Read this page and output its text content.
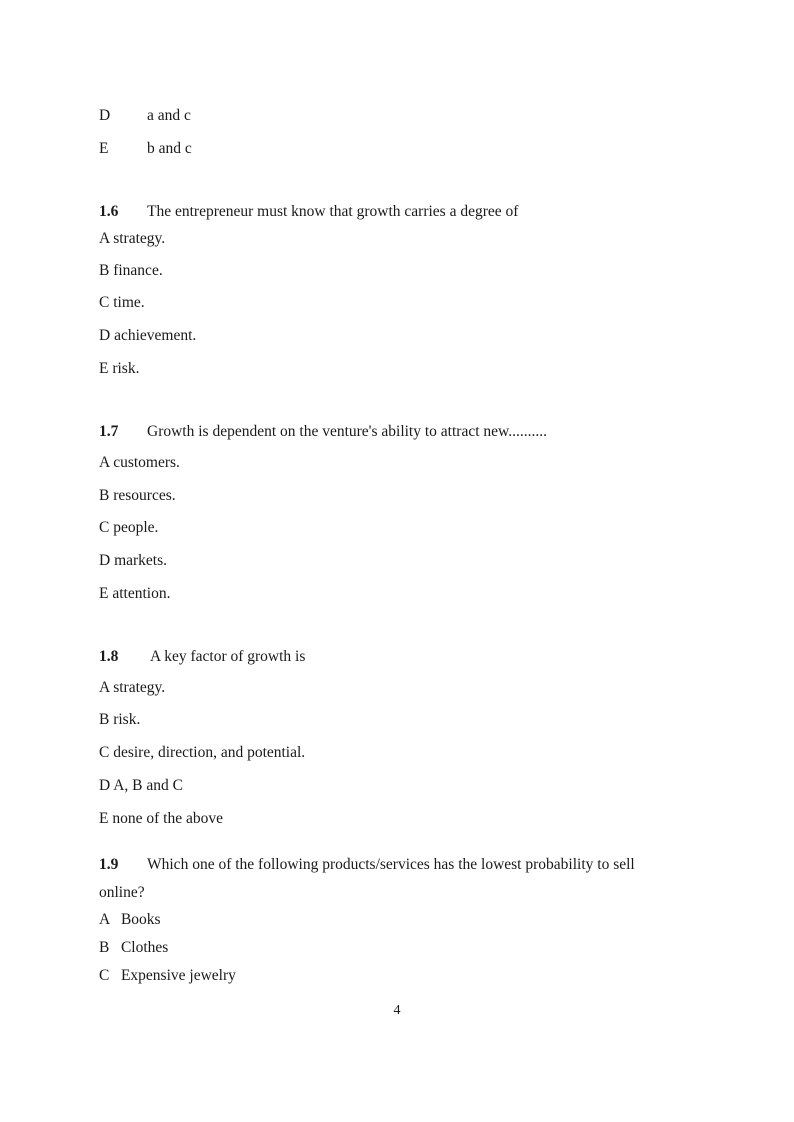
D a and c
E b and c
1.6 The entrepreneur must know that growth carries a degree of
A strategy.
B finance.
C time.
D achievement.
E risk.
1.7 Growth is dependent on the venture's ability to attract new..........
A customers.
B resources.
C people.
D markets.
E attention.
1.8 A key factor of growth is
A strategy.
B risk.
C desire, direction, and potential.
D A, B and C
E none of the above
1.9 Which one of the following products/services has the lowest probability to sell
online?
A   Books
B   Clothes
C   Expensive jewelry
4
